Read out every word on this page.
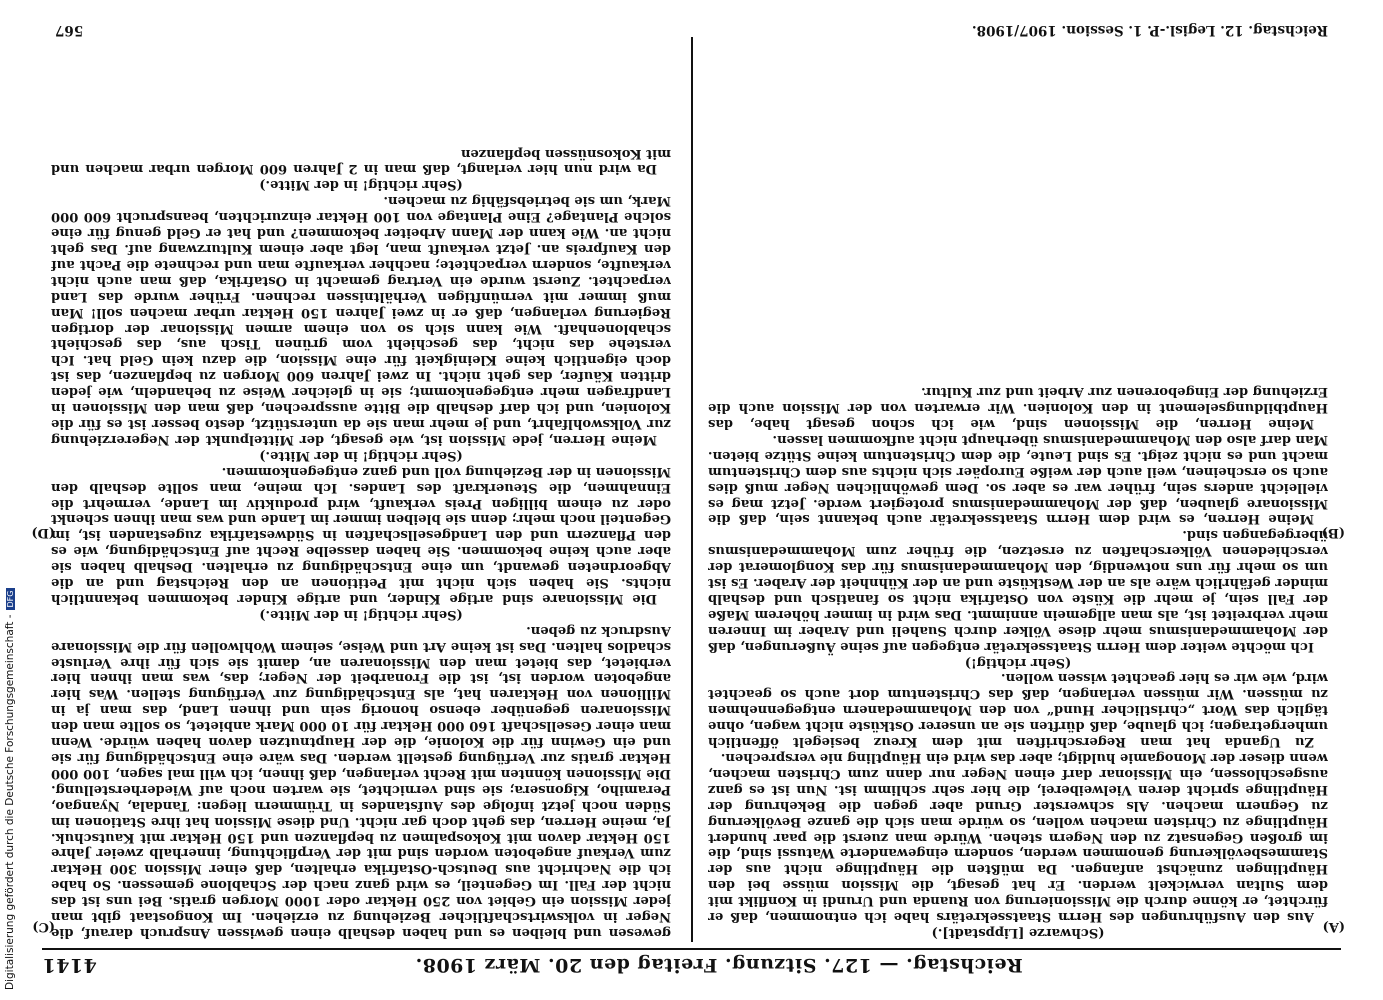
Reichstag. — 127. Sitzung. Freitag den 20. März 1908.
4141
(A)
(B)
(C)
(D)

(Schwarze [Lippstadt].)

Aus den Ausführungen des Herrn Staatssekretärs habe ich entnommen, daß er fürchtet, er könne durch die Missionierung von Ruanda und Urundi in Konflikt mit dem Sultan verwickelt werden. Er hat gesagt, die Mission müsse bei den Häuptlingen zunächst anfangen. Da müßten die Häuptlinge nicht aus der Stammesbevölkerung genommen werden, sondern eingewanderte Watussi sind, die im großen Gegensatz zu den Negern stehen. Würde man zuerst die paar hundert Häuptlinge zu Christen machen wollen, so würde man sich die ganze Bevölkerung zu Gegnern machen. Als schwerster Grund aber gegen die Bekehrung der Häuptlinge spricht deren Vielweiberei, die hier sehr schlimm ist. Nun ist es ganz ausgeschlossen, ein Missionar darf einen Neger nur dann zum Christen machen, wenn dieser der Monogamie huldigt; aber das wird ein Häuptling nie versprechen.

Zu Uganda hat man Regerschriften mit dem Kreuz besiegelt öffentlich umhergetragen; ich glaube, daß dürften sie an unserer Ostküste nicht wagen, ohne täglich das Wort „christlicher Hund“ von den Mohammedanern entgegennehmen zu müssen. Wir müssen verlangen, daß das Christentum dort auch so geachtet wird, wie wir es hier geachtet wissen wollen.

(Sehr richtig!)

Ich möchte weiter dem Herrn Staatssekretär entgegen auf seine Äußerungen, daß der Mohammedanismus mehr diese Völker durch Suaheli und Araber im Inneren mehr verbreitet ist, als man allgemein annimmt. Das wird in immer höherem Maße der Fall sein, je mehr die Küste von Ostafrika nicht so fanatisch und deshalb minder gefährlich wäre als an der Westküste und an der Kühnheit der Araber. Es ist um so mehr für uns notwendig, den Mohammedanismus für das Konglomerat der verschiedenen Völkerschaften zu ersetzen, die früher zum Mohammedanismus übergegangen sind.

Meine Herren, es wird dem Herrn Staatssekretär auch bekannt sein, daß die Missionare glauben, daß der Mohammedanismus protegiert werde. Jetzt mag es vielleicht anders sein, früher war es aber so. Dem gewöhnlichen Neger muß dies auch so erscheinen, weil auch der weiße Europäer sich nichts aus dem Christentum macht und es nicht zeigt. Es sind Leute, die dem Christentum keine Stütze bieten. Man darf also den Mohammedanismus überhaupt nicht aufkommen lassen.

Meine Herren, die Missionen sind, wie ich schon gesagt habe, das Hauptbildungselement in den Kolonien. Wir erwarten von der Mission auch die Erziehung der Eingeborenen zur Arbeit und zur Kultur.

gewesen und bleiben es und haben deshalb einen gewissen Anspruch darauf, die Neger in volkswirtschaftlicher Beziehung zu erziehen. Im Kongostaat gibt man jeder Mission ein Gebiet von 250 Hektar oder 1000 Morgen gratis. Bei uns ist das nicht der Fall. Im Gegenteil, es wird ganz nach der Schablone gemessen. So habe ich die Nachricht aus Deutsch-Ostafrika erhalten, daß einer Mission 300 Hektar zum Verkauf angeboten worden sind mit der Verpflichtung, innerhalb zweier Jahre 150 Hektar davon mit Kokospalmen zu bepflanzen und 150 Hektar mit Kautschuk. Ja, meine Herren, das geht doch gar nicht. Und diese Mission hat ihre Stationen im Süden noch jetzt infolge des Aufstandes in Trümmern liegen: Tandala, Nyangao, Peramiho, Kigonsera; sie sind vernichtet, sie warten noch auf Wiederherstellung. Die Missionen könnten mit Recht verlangen, daß ihnen, ich will mal sagen, 100 000 Hektar gratis zur Verfügung gestellt werden. Das wäre eine Entschädigung für sie und ein Gewinn für die Kolonie, die der Hauptnutzen davon haben würde. Wenn man einer Gesellschaft 160 000 Hektar für 10 000 Mark anbietet, so sollte man den Missionaren gegenüber ebenso honorig sein und ihnen Land, das man ja in Millionen von Hektaren hat, als Entschädigung zur Verfügung stellen. Was hier angeboten worden ist, ist die Fronarbeit der Neger; das, was man ihnen hier verbietet, das bietet man den Missionaren an, damit sie sich für ihre Verluste schadlos halten. Das ist keine Art und Weise, seinem Wohlwollen für die Missionare Ausdruck zu geben.

(Sehr richtig! in der Mitte.)

Die Missionare sind artige Kinder, und artige Kinder bekommen bekanntlich nichts. Sie haben sich nicht mit Petitionen an den Reichstag und an die Abgeordneten gewandt, um eine Entschädigung zu erhalten. Deshalb haben sie aber auch keine bekommen. Sie haben dasselbe Recht auf Entschädigung, wie es den Pflanzern und den Landgesellschaften in Südwestafrika zugestanden ist, im Gegenteil noch mehr; denn sie bleiben immer im Lande und was man ihnen schenkt oder zu einem billigen Preis verkauft, wird produktiv im Lande, vermehrt die Einnahmen, die Steuerkraft des Landes. Ich meine, man sollte deshalb den Missionen in der Beziehung voll und ganz entgegenkommen.

(Sehr richtig! in der Mitte.)

Meine Herren, jede Mission ist, wie gesagt, der Mittelpunkt der Negererziehung zur Volkswohlfahrt, und je mehr man sie da unterstützt, desto besser ist es für die Kolonien, und ich darf deshalb die Bitte aussprechen, daß man den Missionen in Landfragen mehr entgegenkommt; sie in gleicher Weise zu behandeln, wie jeden dritten Käufer, das geht nicht. In zwei Jahren 600 Morgen zu bepflanzen, das ist doch eigentlich keine Kleinigkeit für eine Mission, die dazu kein Geld hat. Ich verstehe das nicht, das geschieht vom grünen Tisch aus, das geschieht schablonenhaft. Wie kann sich so von einem armen Missionar der dortigen Regierung verlangen, daß er in zwei Jahren 150 Hektar urbar machen soll! Man muß immer mit vernünftigen Verhältnissen rechnen. Früher wurde das Land verpachtet. Zuerst wurde ein Vertrag gemacht in Ostafrika, daß man auch nicht verkaufte, sondern verpachtete; nachher verkaufte man und rechnete die Pacht auf den Kaufpreis an. Jetzt verkauft man, legt aber einem Kulturzwang auf. Das geht nicht an. Wie kann der Mann Arbeiter bekommen? und hat er Geld genug für eine solche Plantage? Eine Plantage von 100 Hektar einzurichten, beansprucht 600 000 Mark, um sie betriebsfähig zu machen.

(Sehr richtig! in der Mitte.)

Da wird nun hier verlangt, daß man in 2 Jahren 600 Morgen urbar machen und mit Kokosnüssen bepflanzen

Reichstag. 12. Legisl.-P. 1. Session. 1907/1908.
567
Digitalisierung gefördert durch die Deutsche Forschungsgemeinschaft -DFG
